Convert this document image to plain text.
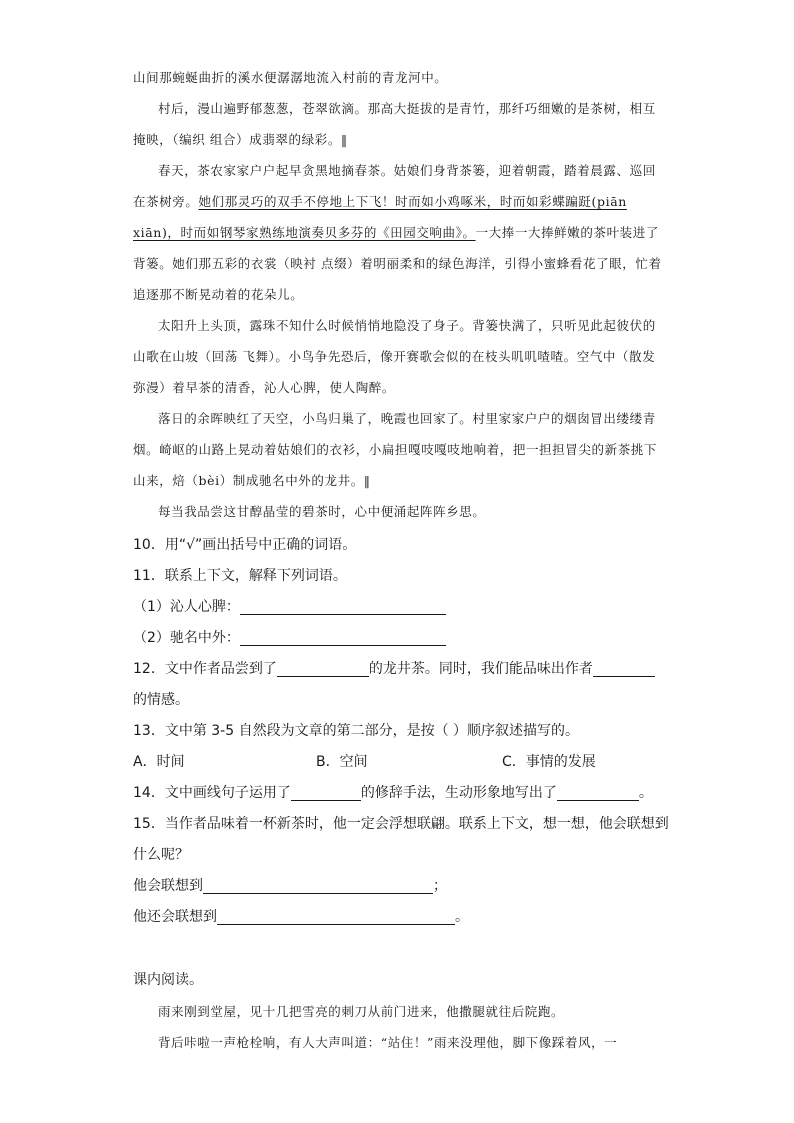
山间那蜿蜒曲折的溪水便潺潺地流入村前的青龙河中。

村后，漫山遍野郁葱葱，苍翠欲滴。那高大挺拔的是青竹，那纤巧细嫩的是茶树，相互掩映，（编织 组合）成翡翠的绿彩。‖

春天，茶农家家户户起早贪黑地摘春茶。姑娘们身背茶篓，迎着朝霞，踏着晨露、巡回在茶树旁。她们那灵巧的双手不停地上下飞！时而如小鸡啄米，时而如彩蝶蹁跹(piān xiān)，时而如钢琴家熟练地演奏贝多芬的《田园交响曲》。一大捧一大捧鲜嫩的茶叶装进了背篓。她们那五彩的衣裳（映衬 点缀）着明丽柔和的绿色海洋，引得小蜜蜂看花了眼，忙着追逐那不断晃动着的花朵儿。

太阳升上头顶，露珠不知什么时候悄悄地隐没了身子。背篓快满了，只听见此起彼伏的山歌在山坡（回荡 飞舞）。小鸟争先恐后，像开赛歌会似的在枝头叽叽喳喳。空气中（散发 弥漫）着早茶的清香，沁人心脾，使人陶醉。

落日的余晖映红了天空，小鸟归巢了，晚霞也回家了。村里家家户户的烟囱冒出缕缕青烟。崎岖的山路上晃动着姑娘们的衣衫，小扁担嘎吱嘎吱地响着，把一担担冒尖的新茶挑下山来，焙（bèi）制成驰名中外的龙井。‖

每当我品尝这甘醇晶莹的碧茶时，心中便涌起阵阵乡思。

10．用“√”画出括号中正确的词语。

11．联系上下文，解释下列词语。

（1）沁人心脾：

（2）驰名中外：

12．文中作者品尝到了	的龙井茶。同时，我们能品味出作者

的情感。

13．文中第 3-5 自然段为文章的第二部分，是按（ ）顺序叙述描写的。

A．时间	B．空间	C．事情的发展

14．文中画线句子运用了	的修辞手法，生动形象地写出了	。

15．当作者品味着一杯新茶时，他一定会浮想联翩。联系上下文，想一想，他会联想到

什么呢？

他会联想到	；

他还会联想到	。

课内阅读。

雨来刚到堂屋，见十几把雪亮的刺刀从前门进来，他撒腿就往后院跑。

背后咔啦一声枪栓响，有人大声叫道：“站住！”雨来没理他，脚下像踩着风，一
